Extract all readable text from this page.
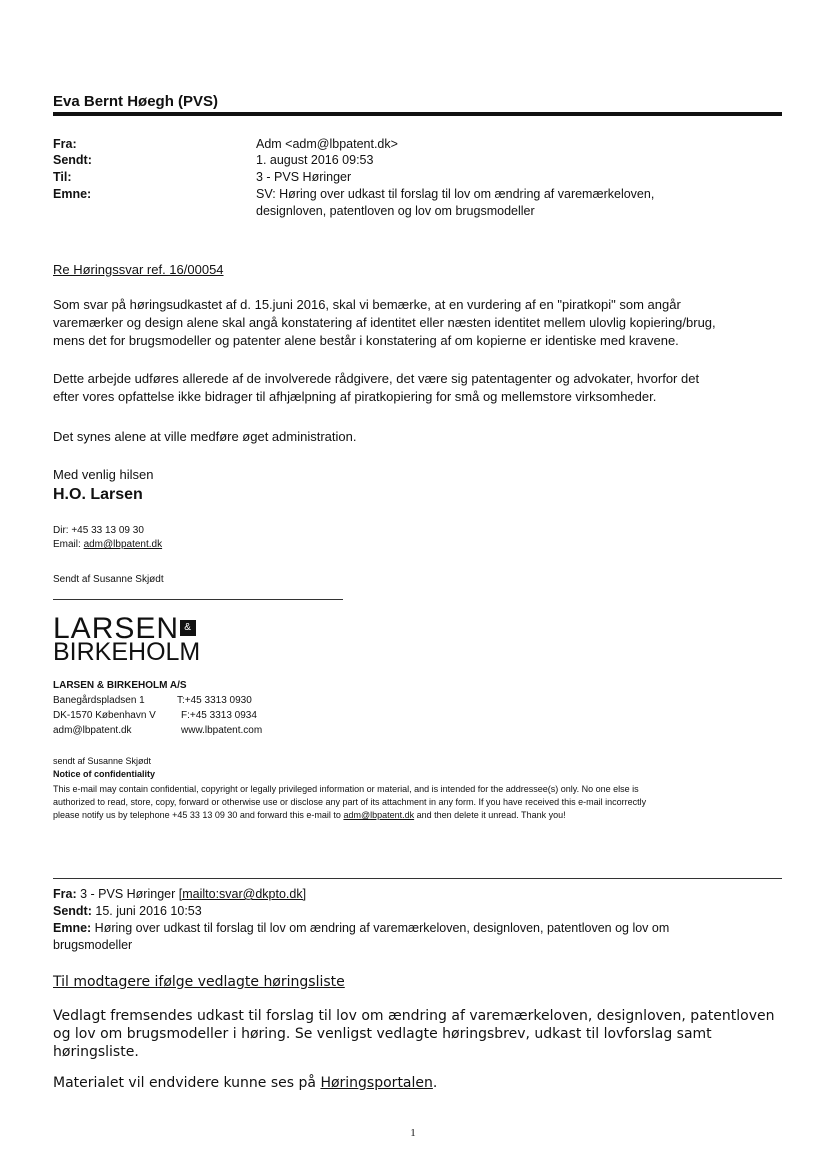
Eva Bernt Høegh (PVS)
Fra:	Adm <adm@lbpatent.dk>
Sendt:	1. august 2016 09:53
Til:	3 - PVS Høringer
Emne:	SV: Høring over udkast til forslag til lov om ændring af varemærkeloven,
designloven, patentloven og lov om brugsmodeller
Re Høringssvar ref. 16/00054
Som svar på høringsudkastet af d. 15.juni 2016, skal vi bemærke, at en vurdering af en "piratkopi" som angår
varemærker og design alene skal angå konstatering af identitet eller næsten identitet mellem ulovlig kopiering/brug,
mens det for brugsmodeller og patenter alene består i konstatering af om kopierne er identiske med kravene.
Dette arbejde udføres allerede af de involverede rådgivere, det være sig patentagenter og advokater, hvorfor det
efter vores opfattelse ikke bidrager til afhjælpning af piratkopiering for små og mellemstore virksomheder.
Det synes alene at ville medføre øget administration.
Med venlig hilsen
H.O. Larsen
Dir: +45 33 13 09 30
Email: adm@lbpatent.dk
Sendt af Susanne Skjødt
LARSEN &
BIRKEHOLM
LARSEN & BIRKEHOLM A/S
Banegårdspladsen 1	T:+45 3313 0930
DK-1570 København V	F:+45 3313 0934
adm@lbpatent.dk	www.lbpatent.com
sendt af Susanne Skjødt
Notice of confidentiality
This e-mail may contain confidential, copyright or legally privileged information or material, and is intended for the addressee(s) only. No one else is
authorized to read, store, copy, forward or otherwise use or disclose any part of its attachment in any form. If you have received this e-mail incorrectly
please notify us by telephone +45 33 13 09 30 and forward this e-mail to adm@lbpatent.dk and then delete it unread. Thank you!
Fra: 3 - PVS Høringer [mailto:svar@dkpto.dk]
Sendt: 15. juni 2016 10:53
Emne: Høring over udkast til forslag til lov om ændring af varemærkeloven, designloven, patentloven og lov om
brugsmodeller
Til modtagere ifølge vedlagte høringsliste
Vedlagt fremsendes udkast til forslag til lov om ændring af varemærkeloven, designloven, patentloven
og lov om brugsmodeller i høring. Se venligst vedlagte høringsbrev, udkast til lovforslag samt
høringsliste.
Materialet vil endvidere kunne ses på Høringsportalen.
1
